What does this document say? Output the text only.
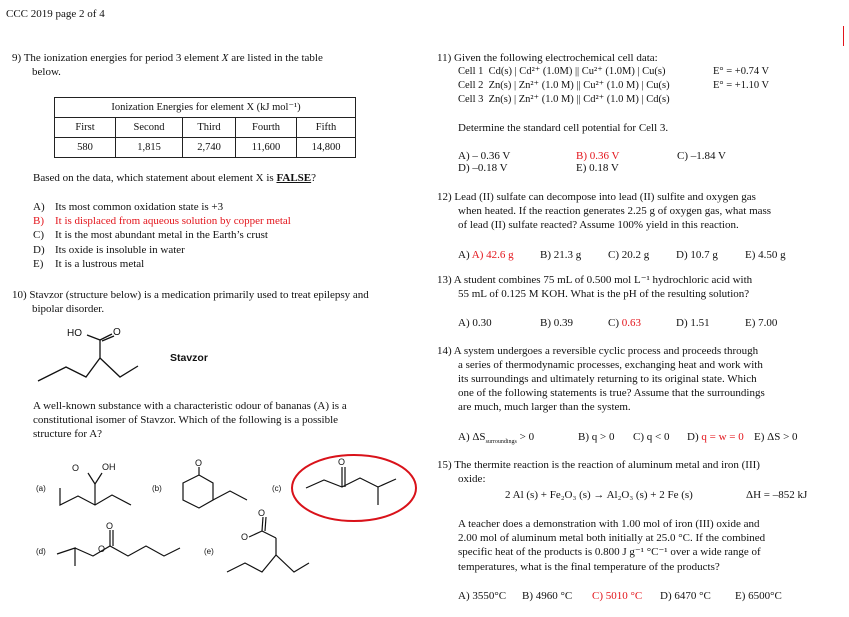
CCC 2019 page 2 of 4
9) The ionization energies for period 3 element X are listed in the table
below.
Ionization Energies for element X (kJ mol⁻¹)				
First	Second	Third	Fourth	Fifth
580	1,815	2,740	11,600	14,800
Based on the data, which statement about element X is FALSE?
A) Its most common oxidation state is +3
B) It is displaced from aqueous solution by copper metal
C) It is the most abundant metal in the Earth’s crust
D) Its oxide is insoluble in water
E) It is a lustrous metal
10) Stavzor (structure below) is a medication primarily used to treat epilepsy and
bipolar disorder.
HO	O
Stavzor
A well-known substance with a characteristic odour of bananas (A) is a
constitutional isomer of Stavzor. Which of the following is a possible
structure for A?
(a)	(b)	(c)
(d)	(e)
OH
O	O	O
O
O
O
O
11) Given the following electrochemical cell data:
Cell 1 Cd(s) | Cd²⁺ (1.0M) || Cu²⁺ (1.0M) | Cu(s)	E° = +0.74 V
Cell 2 Zn(s) | Zn²⁺ (1.0 M) || Cu²⁺ (1.0 M) | Cu(s)	E° = +1.10 V
Cell 3 Zn(s) | Zn²⁺ (1.0 M) || Cd²⁺ (1.0 M) | Cd(s)
Determine the standard cell potential for Cell 3.
A) – 0.36 V	B) 0.36 V	C) –1.84 V
D) –0.18 V	E) 0.18 V
12) Lead (II) sulfate can decompose into lead (II) sulfite and oxygen gas
when heated. If the reaction generates 2.25 g of oxygen gas, what mass
of lead (II) sulfate reacted? Assume 100% yield in this reaction.
A) A) 42.6 g B) 21.3 g C) 20.2 g D) 10.7 g E) 4.50 g
13) A student combines 75 mL of 0.500 mol L⁻¹ hydrochloric acid with
55 mL of 0.125 M KOH. What is the pH of the resulting solution?
A) 0.30	B) 0.39	C) 0.63	D) 1.51	E) 7.00
14) A system undergoes a reversible cyclic process and proceeds through
a series of thermodynamic processes, exchanging heat and work with
its surroundings and ultimately returning to its original state. Which
one of the following statements is true? Assume that the surroundings
are much, much larger than the system.
A) $\Delta S_{surroundings} > 0$	B) q > 0 C) q < 0 D) q = w = 0 E) ΔS > 0
15) The thermite reaction is the reaction of aluminum metal and iron (III)
oxide:
2 Al (s) + Fe₂O₃ (s) → Al₂O₃ (s) + 2 Fe (s)	ΔH = –852 kJ
A teacher does a demonstration with 1.00 mol of iron (III) oxide and
2.00 mol of aluminum metal both initially at 25.0 °C. If the combined
specific heat of the products is 0.800 J g⁻¹ °C⁻¹ over a wide range of
temperatures, what is the final temperature of the products?
A) 3550°C B) 4960 °C C) 5010 °C D) 6470 °C E) 6500°C
